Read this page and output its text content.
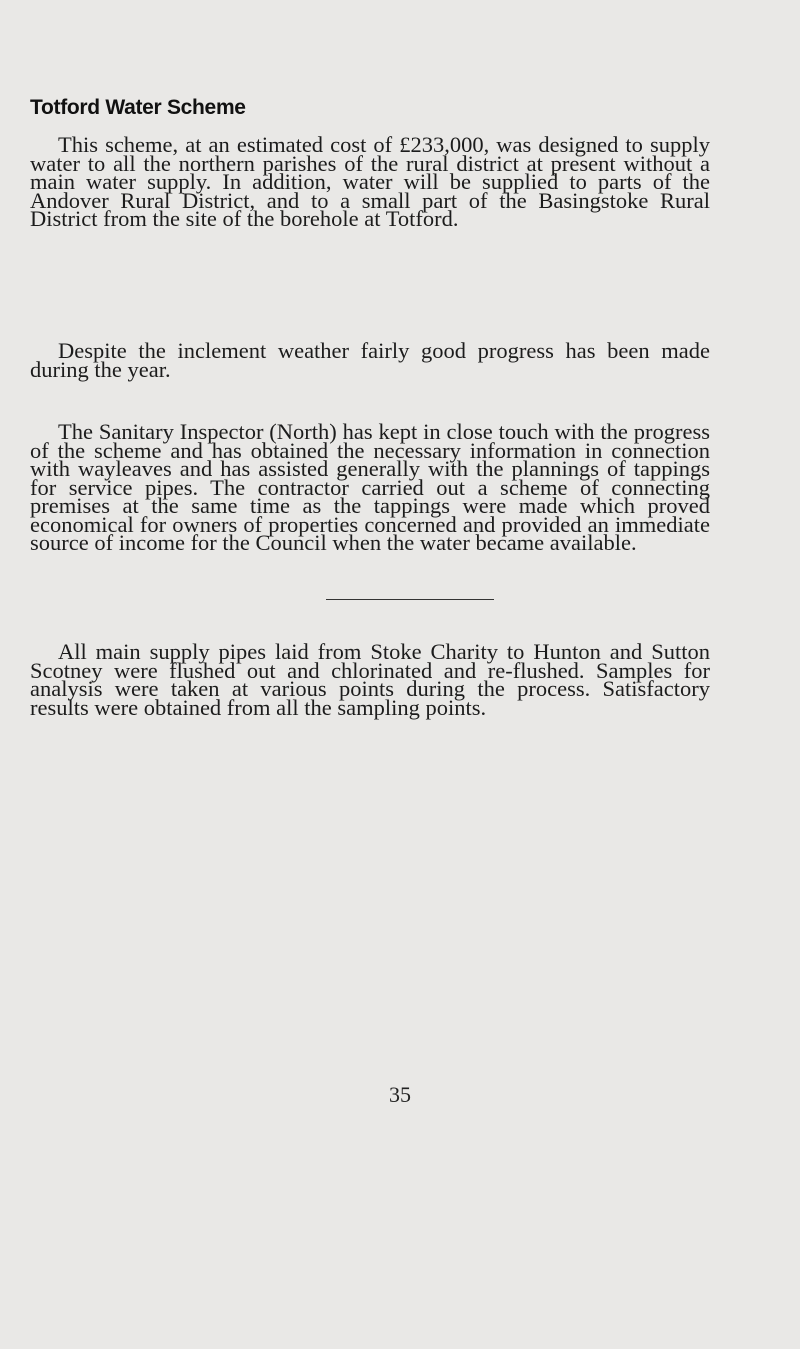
Totford Water Scheme

This scheme, at an estimated cost of £233,000, was designed to supply water to all the northern parishes of the rural district at present without a main water supply. In addition, water will be supplied to parts of the Andover Rural District, and to a small part of the Basingstoke Rural District from the site of the borehole at Totford.

Despite the inclement weather fairly good progress has been made during the year.

The Sanitary Inspector (North) has kept in close touch with the progress of the scheme and has obtained the necessary information in connection with wayleaves and has assisted generally with the plannings of tappings for service pipes. The contractor carried out a scheme of connecting premises at the same time as the tappings were made which proved economical for owners of properties concerned and provided an immediate source of income for the Council when the water became available.

All main supply pipes laid from Stoke Charity to Hunton and Sutton Scotney were flushed out and chlorinated and re-flushed. Samples for analysis were taken at various points during the process. Satisfactory results were obtained from all the sampling points.

35
